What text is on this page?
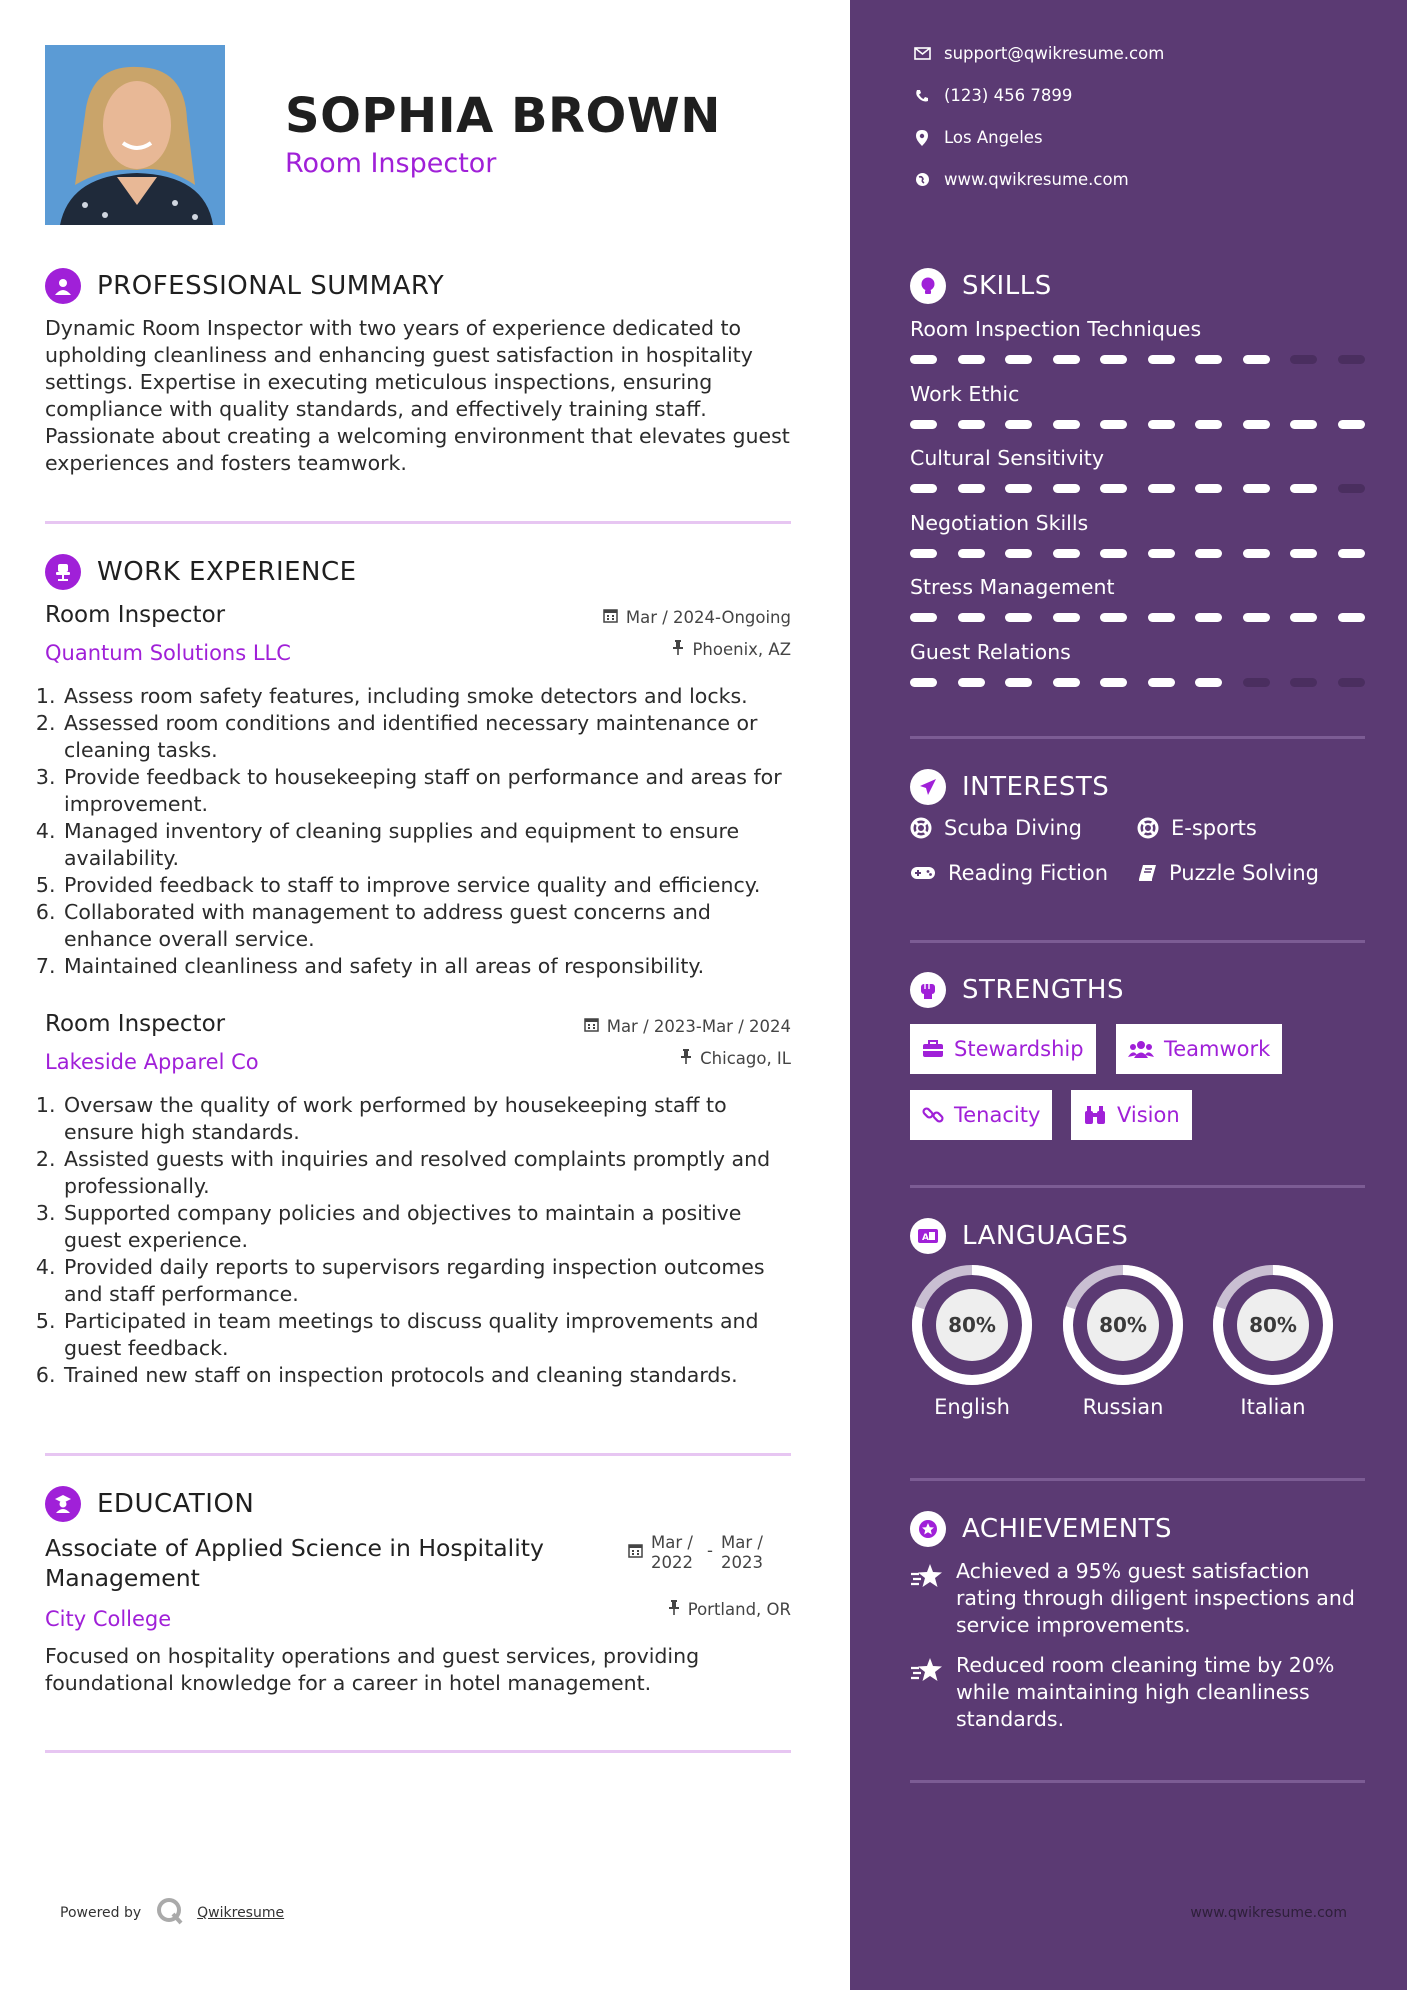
SOPHIA BROWN
Room Inspector
PROFESSIONAL SUMMARY
Dynamic Room Inspector with two years of experience dedicated to upholding cleanliness and enhancing guest satisfaction in hospitality settings. Expertise in executing meticulous inspections, ensuring compliance with quality standards, and effectively training staff. Passionate about creating a welcoming environment that elevates guest experiences and fosters teamwork.
WORK EXPERIENCE
Room Inspector	Mar / 2024-Ongoing
Quantum Solutions LLC	Phoenix, AZ
1. Assess room safety features, including smoke detectors and locks.
2. Assessed room conditions and identified necessary maintenance or cleaning tasks.
3. Provide feedback to housekeeping staff on performance and areas for improvement.
4. Managed inventory of cleaning supplies and equipment to ensure availability.
5. Provided feedback to staff to improve service quality and efficiency.
6. Collaborated with management to address guest concerns and enhance overall service.
7. Maintained cleanliness and safety in all areas of responsibility.
Room Inspector	Mar / 2023-Mar / 2024
Lakeside Apparel Co	Chicago, IL
1. Oversaw the quality of work performed by housekeeping staff to ensure high standards.
2. Assisted guests with inquiries and resolved complaints promptly and professionally.
3. Supported company policies and objectives to maintain a positive guest experience.
4. Provided daily reports to supervisors regarding inspection outcomes and staff performance.
5. Participated in team meetings to discuss quality improvements and guest feedback.
6. Trained new staff on inspection protocols and cleaning standards.
EDUCATION
Associate of Applied Science in Hospitality Management
Mar / 2022
- Mar / 2023
City College	Portland, OR
Focused on hospitality operations and guest services, providing foundational knowledge for a career in hotel management.
Powered by	Qwikresume
support@qwikresume.com
(123) 456 7899
Los Angeles
www.qwikresume.com
SKILLS
Room Inspection Techniques
Work Ethic
Cultural Sensitivity
Negotiation Skills
Stress Management
Guest Relations
INTERESTS
Scuba Diving	E-sports
Reading Fiction	Puzzle Solving
STRENGTHS
Stewardship	Teamwork
Tenacity	Vision
A LANGUAGES
80%
English
80%
Russian
80%
Italian
ACHIEVEMENTS
Achieved a 95% guest satisfaction rating through diligent inspections and service improvements.
Reduced room cleaning time by 20% while maintaining high cleanliness standards.
www.qwikresume.com
